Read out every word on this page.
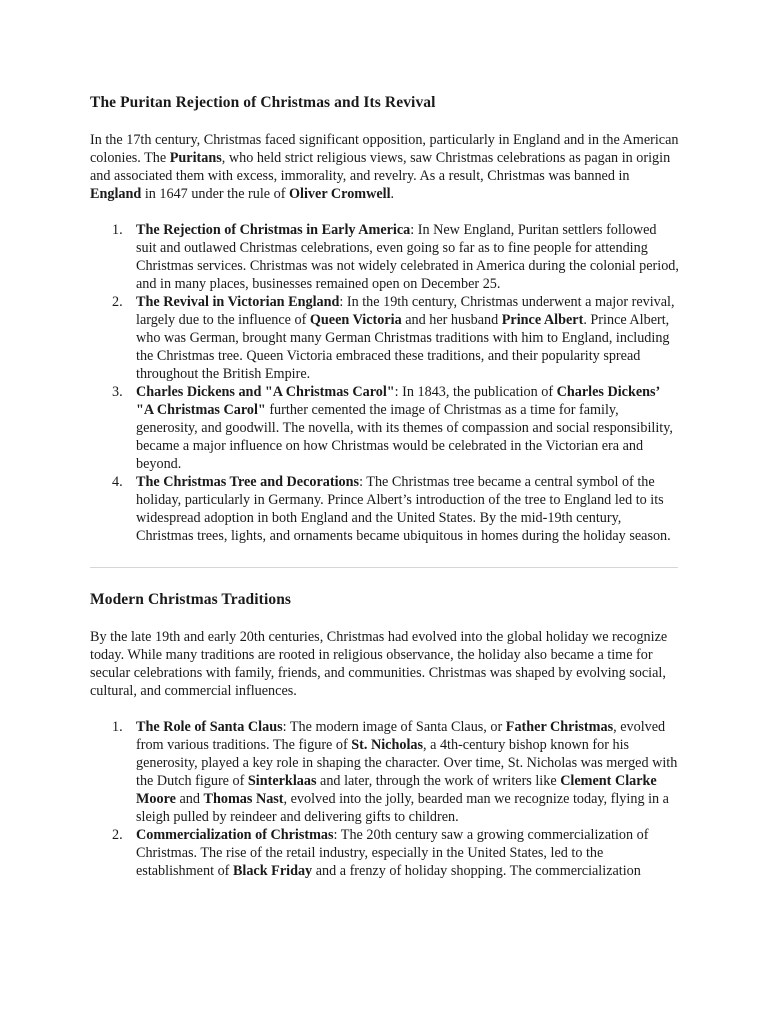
The Puritan Rejection of Christmas and Its Revival

In the 17th century, Christmas faced significant opposition, particularly in England and in the American colonies. The Puritans, who held strict religious views, saw Christmas celebrations as pagan in origin and associated them with excess, immorality, and revelry. As a result, Christmas was banned in England in 1647 under the rule of Oliver Cromwell.

1. The Rejection of Christmas in Early America: In New England, Puritan settlers followed suit and outlawed Christmas celebrations, even going so far as to fine people for attending Christmas services. Christmas was not widely celebrated in America during the colonial period, and in many places, businesses remained open on December 25.
2. The Revival in Victorian England: In the 19th century, Christmas underwent a major revival, largely due to the influence of Queen Victoria and her husband Prince Albert. Prince Albert, who was German, brought many German Christmas traditions with him to England, including the Christmas tree. Queen Victoria embraced these traditions, and their popularity spread throughout the British Empire.
3. Charles Dickens and "A Christmas Carol": In 1843, the publication of Charles Dickens’ "A Christmas Carol" further cemented the image of Christmas as a time for family, generosity, and goodwill. The novella, with its themes of compassion and social responsibility, became a major influence on how Christmas would be celebrated in the Victorian era and beyond.
4. The Christmas Tree and Decorations: The Christmas tree became a central symbol of the holiday, particularly in Germany. Prince Albert’s introduction of the tree to England led to its widespread adoption in both England and the United States. By the mid-19th century, Christmas trees, lights, and ornaments became ubiquitous in homes during the holiday season.
Modern Christmas Traditions

By the late 19th and early 20th centuries, Christmas had evolved into the global holiday we recognize today. While many traditions are rooted in religious observance, the holiday also became a time for secular celebrations with family, friends, and communities. Christmas was shaped by evolving social, cultural, and commercial influences.

1. The Role of Santa Claus: The modern image of Santa Claus, or Father Christmas, evolved from various traditions. The figure of St. Nicholas, a 4th-century bishop known for his generosity, played a key role in shaping the character. Over time, St. Nicholas was merged with the Dutch figure of Sinterklaas and later, through the work of writers like Clement Clarke Moore and Thomas Nast, evolved into the jolly, bearded man we recognize today, flying in a sleigh pulled by reindeer and delivering gifts to children.
2. Commercialization of Christmas: The 20th century saw a growing commercialization of Christmas. The rise of the retail industry, especially in the United States, led to the establishment of Black Friday and a frenzy of holiday shopping. The commercialization
